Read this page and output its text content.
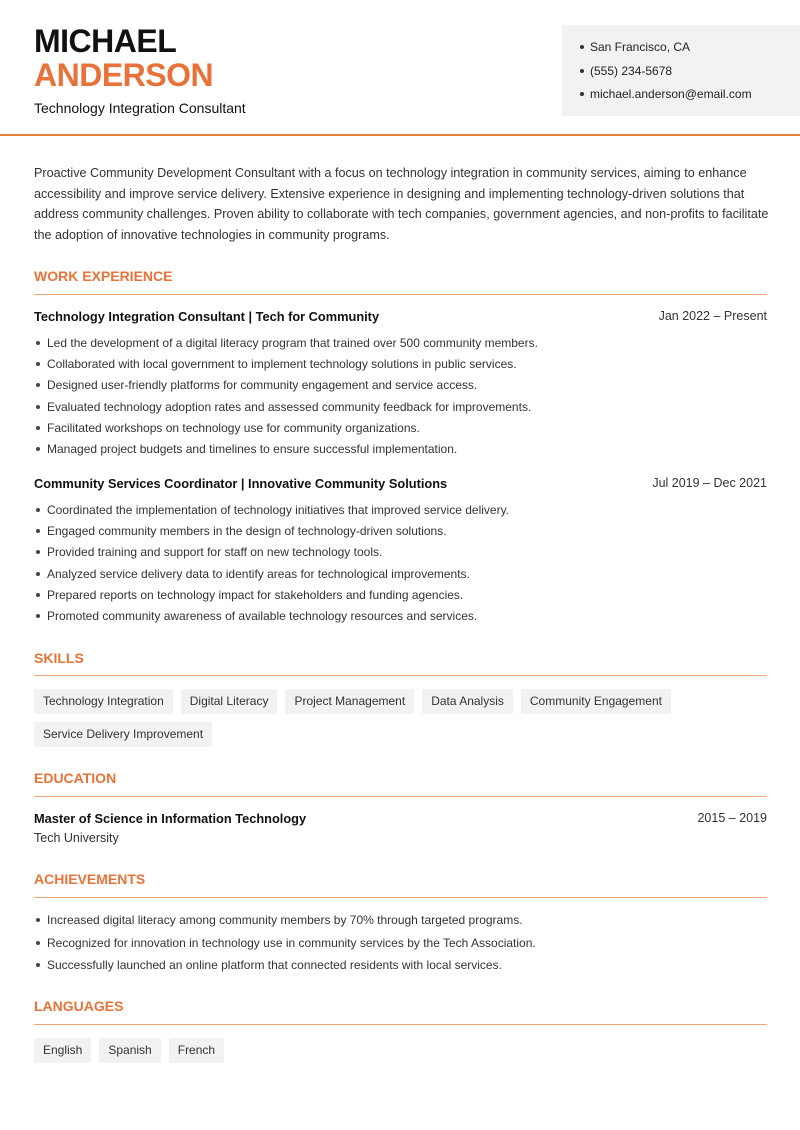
MICHAEL
ANDERSON
Technology Integration Consultant
San Francisco, CA
(555) 234-5678
michael.anderson@email.com

Proactive Community Development Consultant with a focus on technology integration in community services, aiming to enhance accessibility and improve service delivery. Extensive experience in designing and implementing technology-driven solutions that address community challenges. Proven ability to collaborate with tech companies, government agencies, and non-profits to facilitate the adoption of innovative technologies in community programs.

WORK EXPERIENCE
Technology Integration Consultant | Tech for Community	Jan 2022 – Present
Led the development of a digital literacy program that trained over 500 community members.
Collaborated with local government to implement technology solutions in public services.
Designed user-friendly platforms for community engagement and service access.
Evaluated technology adoption rates and assessed community feedback for improvements.
Facilitated workshops on technology use for community organizations.
Managed project budgets and timelines to ensure successful implementation.
Community Services Coordinator | Innovative Community Solutions	Jul 2019 – Dec 2021
Coordinated the implementation of technology initiatives that improved service delivery.
Engaged community members in the design of technology-driven solutions.
Provided training and support for staff on new technology tools.
Analyzed service delivery data to identify areas for technological improvements.
Prepared reports on technology impact for stakeholders and funding agencies.
Promoted community awareness of available technology resources and services.
SKILLS
Technology Integration	Digital Literacy	Project Management	Data Analysis	Community Engagement
Service Delivery Improvement
EDUCATION
Master of Science in Information Technology	2015 – 2019
Tech University
ACHIEVEMENTS
Increased digital literacy among community members by 70% through targeted programs.
Recognized for innovation in technology use in community services by the Tech Association.
Successfully launched an online platform that connected residents with local services.
LANGUAGES
English	Spanish	French
